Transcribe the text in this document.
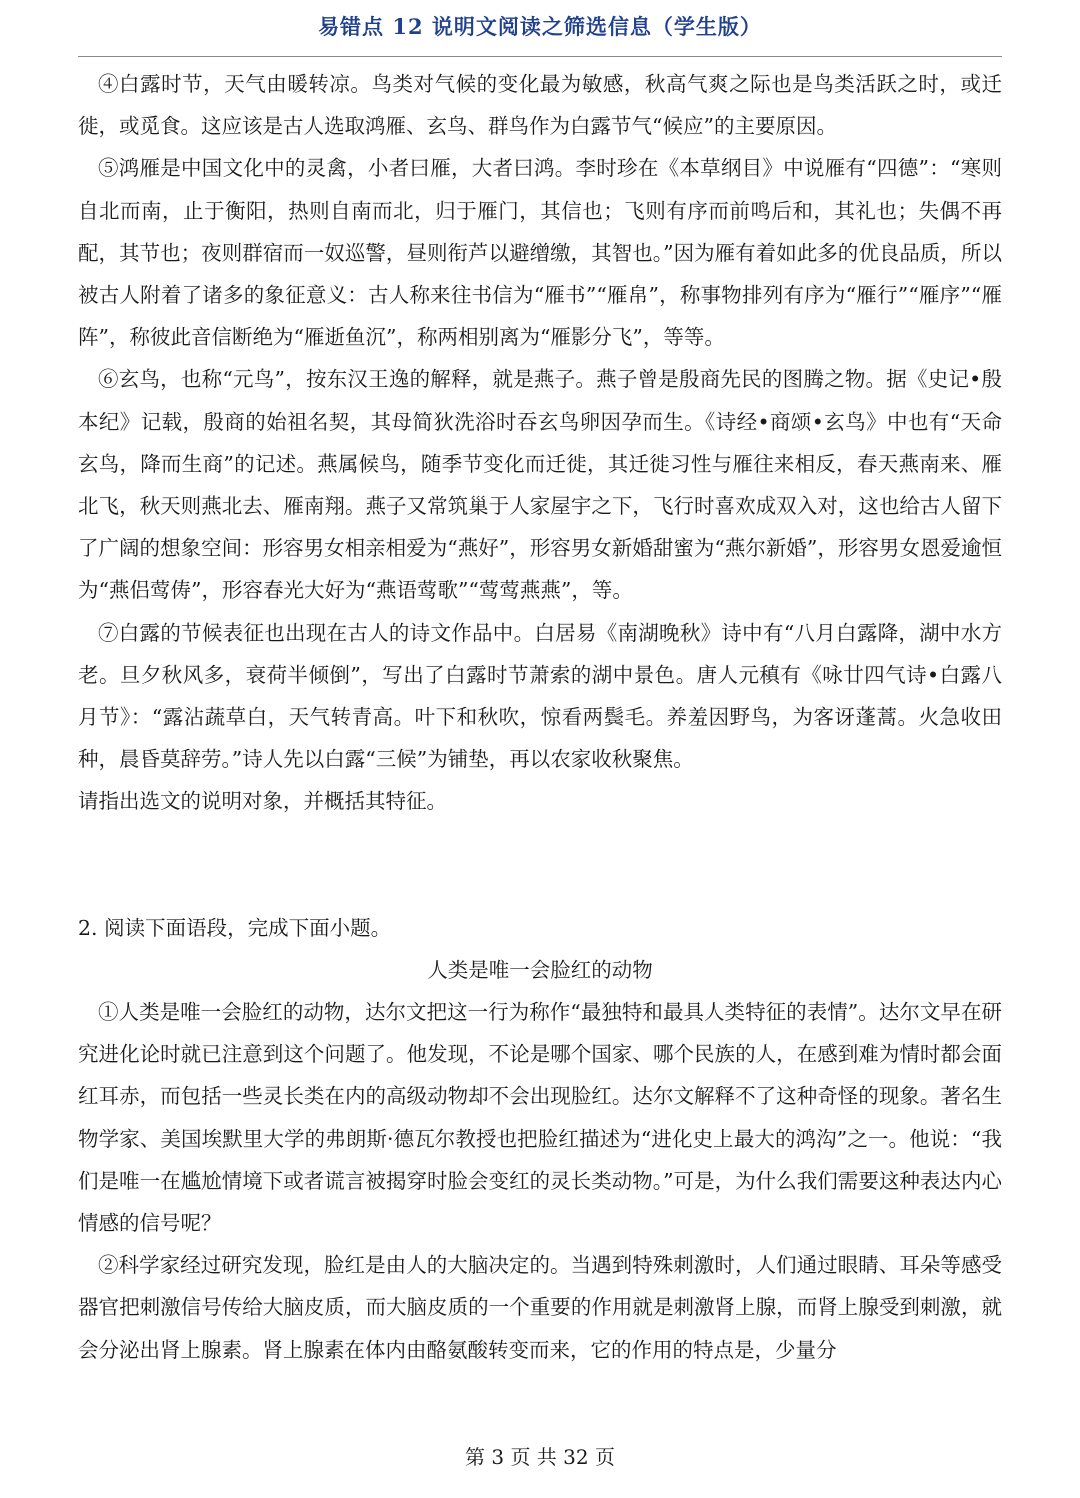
易错点 12 说明文阅读之筛选信息（学生版）

④白露时节，天气由暖转凉。鸟类对气候的变化最为敏感，秋高气爽之际也是鸟类活跃之时，或迁徙，或觅食。这应该是古人选取鸿雁、玄鸟、群鸟作为白露节气“候应”的主要原因。

⑤鸿雁是中国文化中的灵禽，小者曰雁，大者曰鸿。李时珍在《本草纲目》中说雁有“四德”：“寒则自北而南，止于衡阳，热则自南而北，归于雁门，其信也；飞则有序而前鸣后和，其礼也；失偶不再配，其节也；夜则群宿而一奴巡警，昼则衔芦以避缯缴，其智也。”因为雁有着如此多的优良品质，所以被古人附着了诸多的象征意义：古人称来往书信为“雁书”“雁帛”，称事物排列有序为“雁行”“雁序”“雁阵”，称彼此音信断绝为“雁逝鱼沉”，称两相别离为“雁影分飞”，等等。

⑥玄鸟，也称“元鸟”，按东汉王逸的解释，就是燕子。燕子曾是殷商先民的图腾之物。据《史记•殷本纪》记载，殷商的始祖名契，其母简狄洗浴时吞玄鸟卵因孕而生。《诗经•商颂•玄鸟》中也有“天命玄鸟，降而生商”的记述。燕属候鸟，随季节变化而迁徙，其迁徙习性与雁往来相反，春天燕南来、雁北飞，秋天则燕北去、雁南翔。燕子又常筑巢于人家屋宇之下，飞行时喜欢成双入对，这也给古人留下了广阔的想象空间：形容男女相亲相爱为“燕好”，形容男女新婚甜蜜为“燕尔新婚”，形容男女恩爱逾恒为“燕侣莺俦”，形容春光大好为“燕语莺歌”“莺莺燕燕”，等。

⑦白露的节候表征也出现在古人的诗文作品中。白居易《南湖晚秋》诗中有“八月白露降，湖中水方老。旦夕秋风多，衰荷半倾倒”，写出了白露时节萧索的湖中景色。唐人元稹有《咏廿四气诗•白露八月节》：“露沾蔬草白，天气转青高。叶下和秋吹，惊看两鬓毛。养羞因野鸟，为客讶蓬蒿。火急收田种，晨昏莫辞劳。”诗人先以白露“三候”为铺垫，再以农家收秋聚焦。

请指出选文的说明对象，并概括其特征。

2. 阅读下面语段，完成下面小题。

人类是唯一会脸红的动物

①人类是唯一会脸红的动物，达尔文把这一行为称作“最独特和最具人类特征的表情”。达尔文早在研究进化论时就已注意到这个问题了。他发现，不论是哪个国家、哪个民族的人，在感到难为情时都会面红耳赤，而包括一些灵长类在内的高级动物却不会出现脸红。达尔文解释不了这种奇怪的现象。著名生物学家、美国埃默里大学的弗朗斯·德瓦尔教授也把脸红描述为“进化史上最大的鸿沟”之一。他说：“我们是唯一在尴尬情境下或者谎言被揭穿时脸会变红的灵长类动物。”可是，为什么我们需要这种表达内心情感的信号呢？

②科学家经过研究发现，脸红是由人的大脑决定的。当遇到特殊刺激时，人们通过眼睛、耳朵等感受器官把刺激信号传给大脑皮质，而大脑皮质的一个重要的作用就是刺激肾上腺，而肾上腺受到刺激，就会分泌出肾上腺素。肾上腺素在体内由酪氨酸转变而来，它的作用的特点是，少量分

第 3 页 共 32 页
